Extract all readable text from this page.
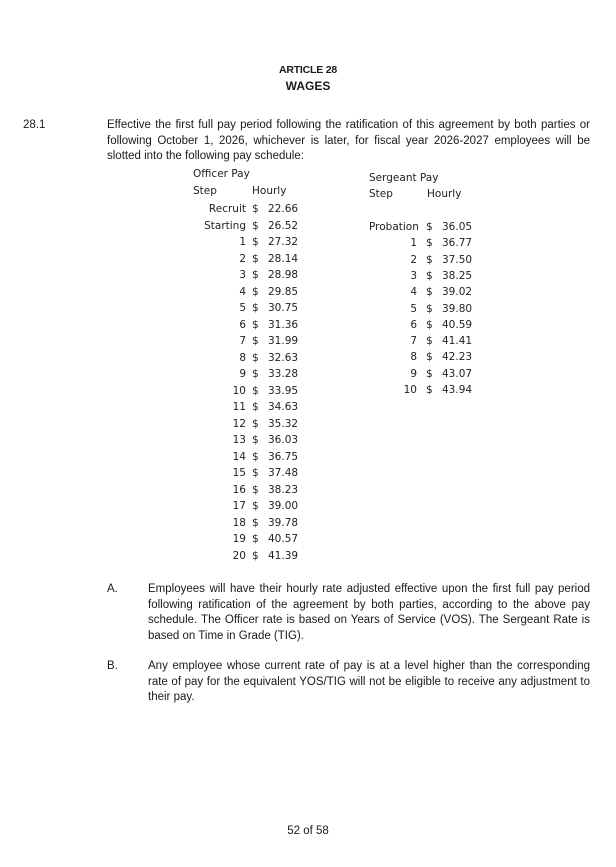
ARTICLE 28
WAGES
28.1	Effective the first full pay period following the ratification of this agreement by both parties or following October 1, 2026, whichever is later, for fiscal year 2026-2027 employees will be slotted into the following pay schedule:
Officer Pay
Step	Hourly
Recruit $ 22.66
Starting $ 26.52
1 $ 27.32
2 $ 28.14
3 $ 28.98
4 $ 29.85
5 $ 30.75
6 $ 31.36
7 $ 31.99
8 $ 32.63
9 $ 33.28
10 $ 33.95
11 $ 34.63
12 $ 35.32
13 $ 36.03
14 $ 36.75
15 $ 37.48
16 $ 38.23
17 $ 39.00
18 $ 39.78
19 $ 40.57
20 $ 41.39
Sergeant Pay
Step	Hourly
Probation $ 36.05
1 $ 36.77
2 $ 37.50
3 $ 38.25
4 $ 39.02
5 $ 39.80
6 $ 40.59
7 $ 41.41
8 $ 42.23
9 $ 43.07
10 $ 43.94
A.	Employees will have their hourly rate adjusted effective upon the first full pay period following ratification of the agreement by both parties, according to the above pay schedule. The Officer rate is based on Years of Service (VOS). The Sergeant Rate is based on Time in Grade (TIG).
B.	Any employee whose current rate of pay is at a level higher than the corresponding rate of pay for the equivalent YOS/TIG will not be eligible to receive any adjustment to their pay.
52 of 58
